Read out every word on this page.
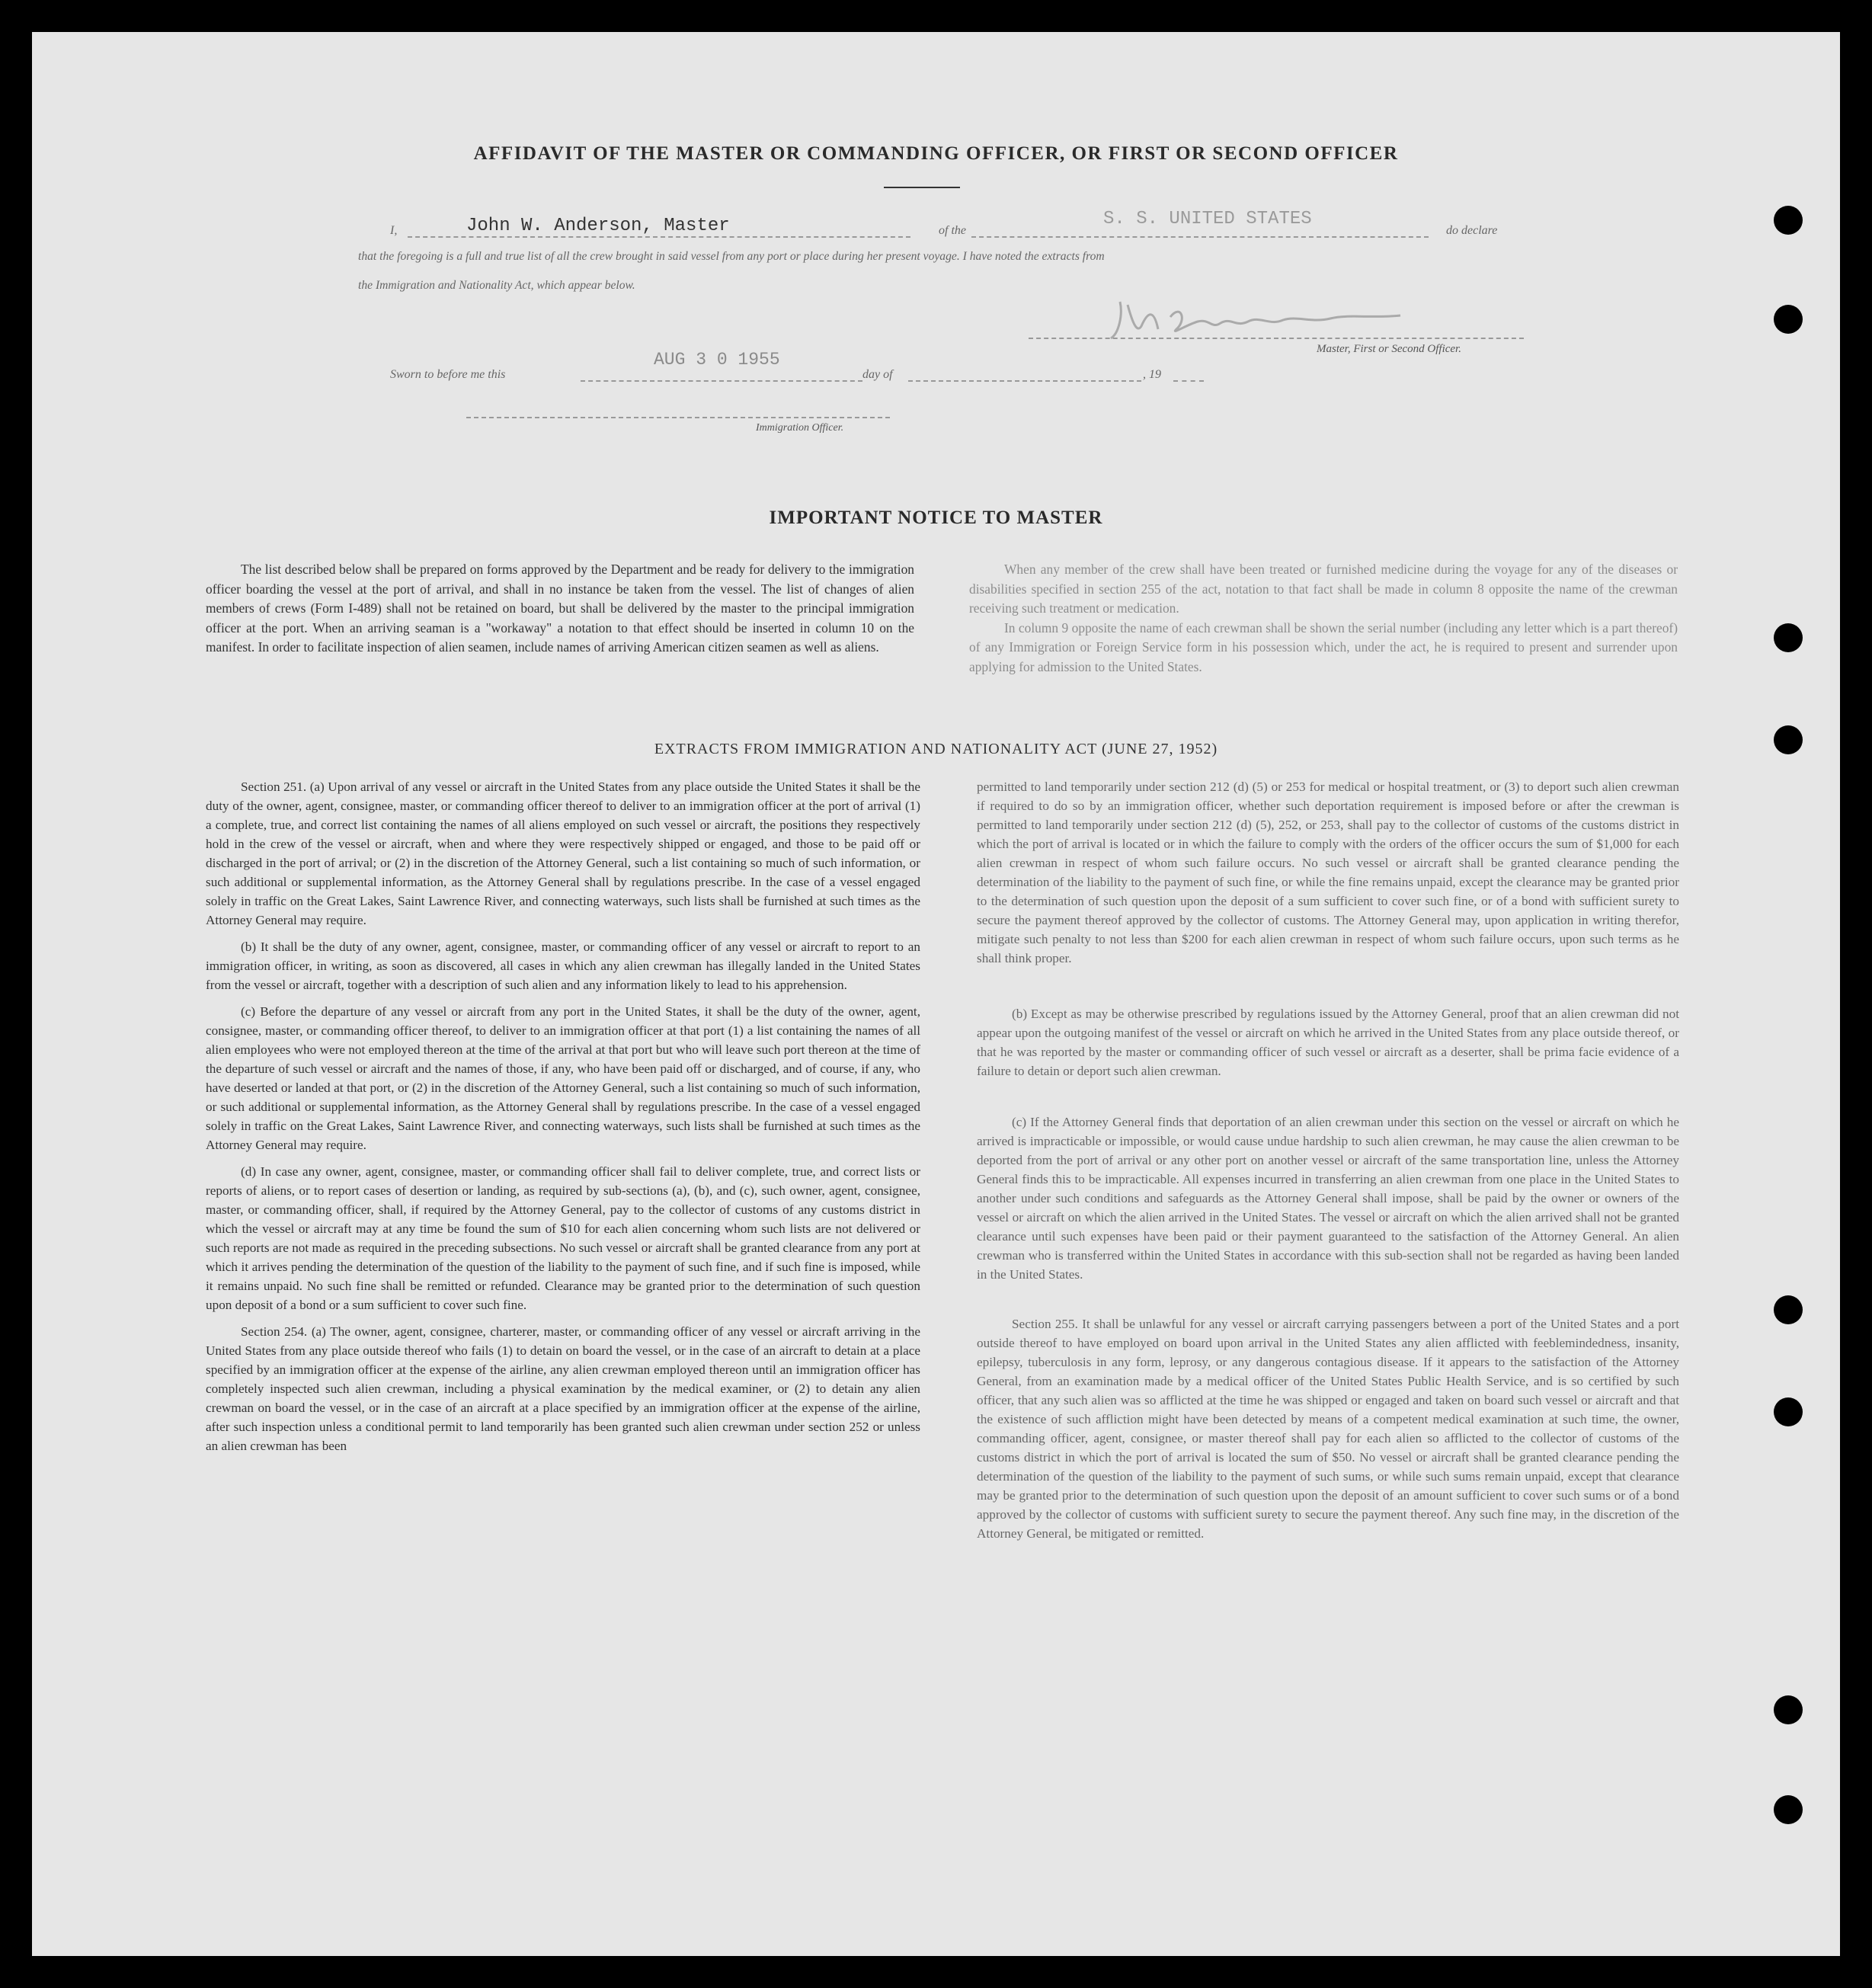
AFFIDAVIT OF THE MASTER OR COMMANDING OFFICER, OR FIRST OR SECOND OFFICER
I,	John W. Anderson, Master	of the
S. S. UNITED STATES
do declare
that the foregoing is a full and true list of all the crew brought in said vessel from any port or place during her present voyage. I have noted the extracts from
the Immigration and Nationality Act, which appear below.
Master, First or Second Officer.
Sworn to before me this
AUG 3 0 1955
day of	, 19
Immigration Officer.
IMPORTANT NOTICE TO MASTER

The list described below shall be prepared on forms approved by the Department and be ready for delivery to the immigration officer boarding the vessel at the port of arrival, and shall in no instance be taken from the vessel. The list of changes of alien members of crews (Form I-489) shall not be retained on board, but shall be delivered by the master to the principal immigration officer at the port. When an arriving seaman is a "workaway" a notation to that effect should be inserted in column 10 on the manifest. In order to facilitate inspection of alien seamen, include names of arriving American citizen seamen as well as aliens.

When any member of the crew shall have been treated or furnished medicine during the voyage for any of the diseases or disabilities specified in section 255 of the act, notation to that fact shall be made in column 8 opposite the name of the crewman receiving such treatment or medication.

In column 9 opposite the name of each crewman shall be shown the serial number (including any letter which is a part thereof) of any Immigration or Foreign Service form in his possession which, under the act, he is required to present and surrender upon applying for admission to the United States.

EXTRACTS FROM IMMIGRATION AND NATIONALITY ACT (JUNE 27, 1952)

Section 251. (a) Upon arrival of any vessel or aircraft in the United States from any place outside the United States it shall be the duty of the owner, agent, consignee, master, or commanding officer thereof to deliver to an immigration officer at the port of arrival (1) a complete, true, and correct list containing the names of all aliens employed on such vessel or aircraft, the positions they respectively hold in the crew of the vessel or aircraft, when and where they were respectively shipped or engaged, and those to be paid off or discharged in the port of arrival; or (2) in the discretion of the Attorney General, such a list containing so much of such information, or such additional or supplemental information, as the Attorney General shall by regulations prescribe. In the case of a vessel engaged solely in traffic on the Great Lakes, Saint Lawrence River, and connecting waterways, such lists shall be furnished at such times as the Attorney General may require.

(b) It shall be the duty of any owner, agent, consignee, master, or commanding officer of any vessel or aircraft to report to an immigration officer, in writing, as soon as discovered, all cases in which any alien crewman has illegally landed in the United States from the vessel or aircraft, together with a description of such alien and any information likely to lead to his apprehension.

(c) Before the departure of any vessel or aircraft from any port in the United States, it shall be the duty of the owner, agent, consignee, master, or commanding officer thereof, to deliver to an immigration officer at that port (1) a list containing the names of all alien employees who were not employed thereon at the time of the arrival at that port but who will leave such port thereon at the time of the departure of such vessel or aircraft and the names of those, if any, who have been paid off or discharged, and of course, if any, who have deserted or landed at that port, or (2) in the discretion of the Attorney General, such a list containing so much of such information, or such additional or supplemental information, as the Attorney General shall by regulations prescribe. In the case of a vessel engaged solely in traffic on the Great Lakes, Saint Lawrence River, and connecting waterways, such lists shall be furnished at such times as the Attorney General may require.

(d) In case any owner, agent, consignee, master, or commanding officer shall fail to deliver complete, true, and correct lists or reports of aliens, or to report cases of desertion or landing, as required by sub-sections (a), (b), and (c), such owner, agent, consignee, master, or commanding officer, shall, if required by the Attorney General, pay to the collector of customs of any customs district in which the vessel or aircraft may at any time be found the sum of $10 for each alien concerning whom such lists are not delivered or such reports are not made as required in the preceding subsections. No such vessel or aircraft shall be granted clearance from any port at which it arrives pending the determination of the question of the liability to the payment of such fine, and if such fine is imposed, while it remains unpaid. No such fine shall be remitted or refunded. Clearance may be granted prior to the determination of such question upon deposit of a bond or a sum sufficient to cover such fine.

Section 254. (a) The owner, agent, consignee, charterer, master, or commanding officer of any vessel or aircraft arriving in the United States from any place outside thereof who fails (1) to detain on board the vessel, or in the case of an aircraft to detain at a place specified by an immigration officer at the expense of the airline, any alien crewman employed thereon until an immigration officer has completely inspected such alien crewman, including a physical examination by the medical examiner, or (2) to detain any alien crewman on board the vessel, or in the case of an aircraft at a place specified by an immigration officer at the expense of the airline, after such inspection unless a conditional permit to land temporarily has been granted such alien crewman under section 252 or unless an alien crewman has been

permitted to land temporarily under section 212 (d) (5) or 253 for medical or hospital treatment, or (3) to deport such alien crewman if required to do so by an immigration officer, whether such deportation requirement is imposed before or after the crewman is permitted to land temporarily under section 212 (d) (5), 252, or 253, shall pay to the collector of customs of the customs district in which the port of arrival is located or in which the failure to comply with the orders of the officer occurs the sum of $1,000 for each alien crewman in respect of whom such failure occurs. No such vessel or aircraft shall be granted clearance pending the determination of the liability to the payment of such fine, or while the fine remains unpaid, except the clearance may be granted prior to the determination of such question upon the deposit of a sum sufficient to cover such fine, or of a bond with sufficient surety to secure the payment thereof approved by the collector of customs. The Attorney General may, upon application in writing therefor, mitigate such penalty to not less than $200 for each alien crewman in respect of whom such failure occurs, upon such terms as he shall think proper.

(b) Except as may be otherwise prescribed by regulations issued by the Attorney General, proof that an alien crewman did not appear upon the outgoing manifest of the vessel or aircraft on which he arrived in the United States from any place outside thereof, or that he was reported by the master or commanding officer of such vessel or aircraft as a deserter, shall be prima facie evidence of a failure to detain or deport such alien crewman.

(c) If the Attorney General finds that deportation of an alien crewman under this section on the vessel or aircraft on which he arrived is impracticable or impossible, or would cause undue hardship to such alien crewman, he may cause the alien crewman to be deported from the port of arrival or any other port on another vessel or aircraft of the same transportation line, unless the Attorney General finds this to be impracticable. All expenses incurred in transferring an alien crewman from one place in the United States to another under such conditions and safeguards as the Attorney General shall impose, shall be paid by the owner or owners of the vessel or aircraft on which the alien arrived in the United States. The vessel or aircraft on which the alien arrived shall not be granted clearance until such expenses have been paid or their payment guaranteed to the satisfaction of the Attorney General. An alien crewman who is transferred within the United States in accordance with this sub-section shall not be regarded as having been landed in the United States.

Section 255. It shall be unlawful for any vessel or aircraft carrying passengers between a port of the United States and a port outside thereof to have employed on board upon arrival in the United States any alien afflicted with feeblemindedness, insanity, epilepsy, tuberculosis in any form, leprosy, or any dangerous contagious disease. If it appears to the satisfaction of the Attorney General, from an examination made by a medical officer of the United States Public Health Service, and is so certified by such officer, that any such alien was so afflicted at the time he was shipped or engaged and taken on board such vessel or aircraft and that the existence of such affliction might have been detected by means of a competent medical examination at such time, the owner, commanding officer, agent, consignee, or master thereof shall pay for each alien so afflicted to the collector of customs of the customs district in which the port of arrival is located the sum of $50. No vessel or aircraft shall be granted clearance pending the determination of the question of the liability to the payment of such sums, or while such sums remain unpaid, except that clearance may be granted prior to the determination of such question upon the deposit of an amount sufficient to cover such sums or of a bond approved by the collector of customs with sufficient surety to secure the payment thereof. Any such fine may, in the discretion of the Attorney General, be mitigated or remitted.
